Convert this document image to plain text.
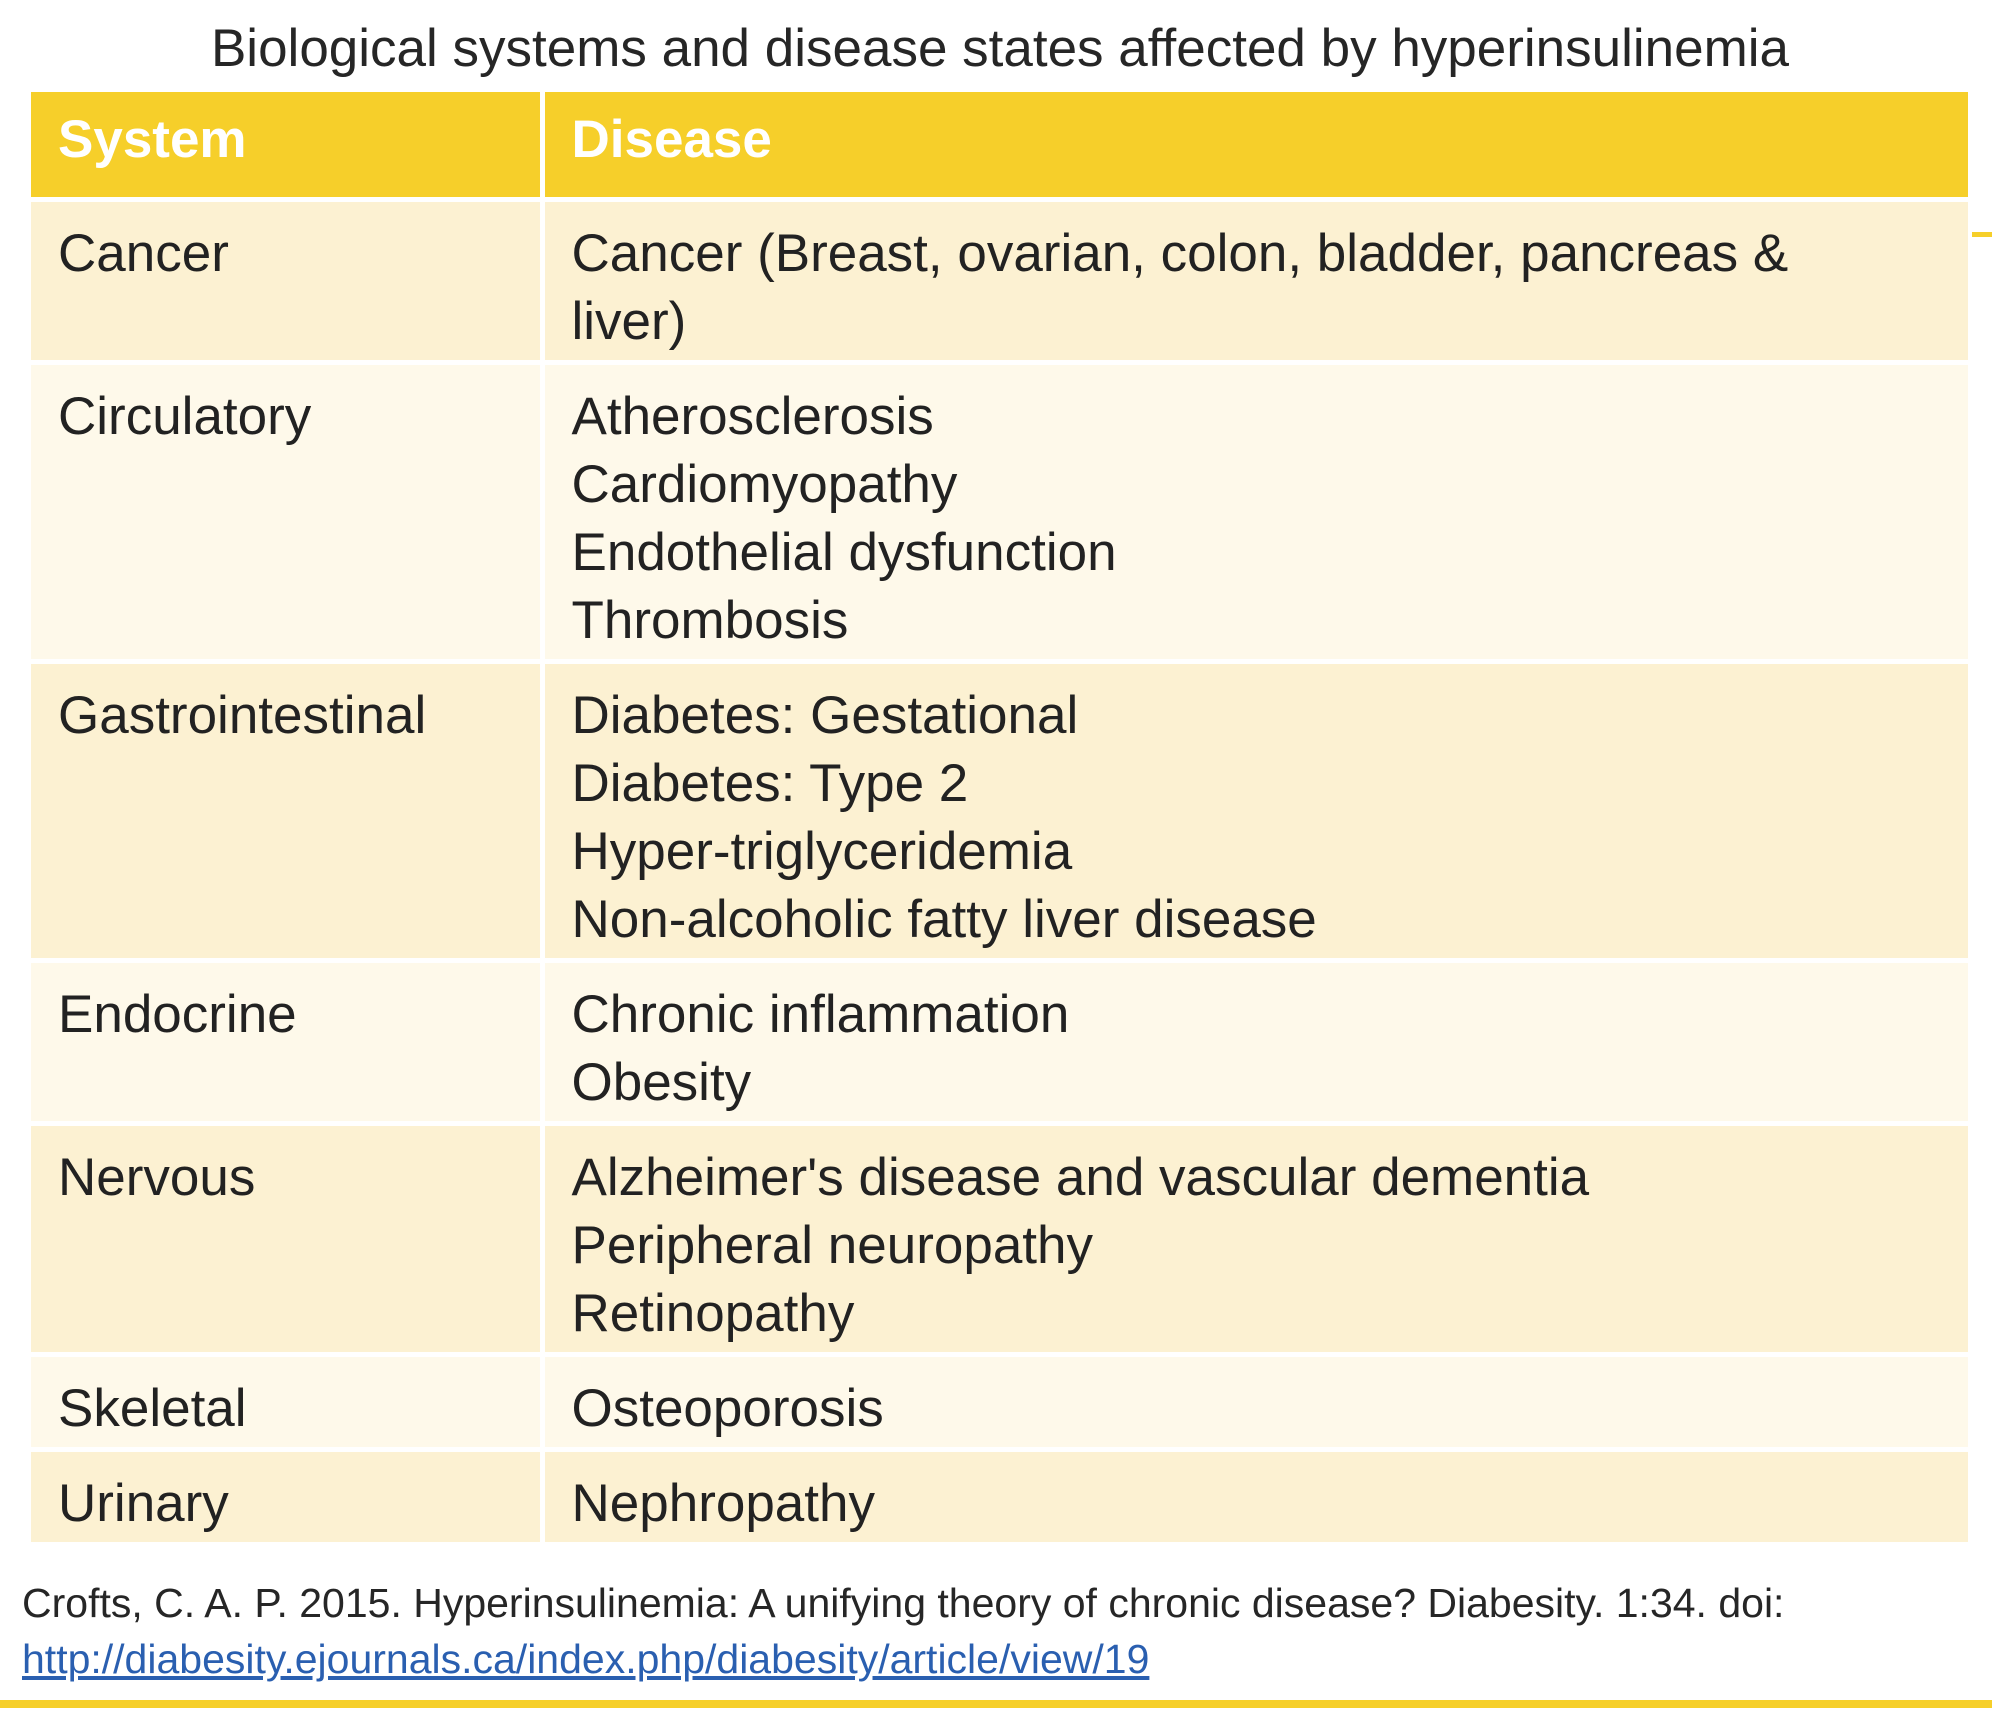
Biological systems and disease states affected by hyperinsulinemia
System	Disease
Cancer	Cancer (Breast, ovarian, colon, bladder, pancreas &
liver)

Circulatory	Atherosclerosis
Cardiomyopathy
Endothelial dysfunction
Thrombosis

Gastrointestinal	Diabetes: Gestational
Diabetes: Type 2
Hyper-triglyceridemia
Non-alcoholic fatty liver disease

Endocrine	Chronic inflammation
Obesity

Nervous	Alzheimer's disease and vascular dementia
Peripheral neuropathy
Retinopathy

Skeletal	Osteoporosis

Urinary	Nephropathy
Crofts, C. A. P. 2015. Hyperinsulinemia: A unifying theory of chronic disease? Diabesity. 1:34. doi:
http://diabesity.ejournals.ca/index.php/diabesity/article/view/19
